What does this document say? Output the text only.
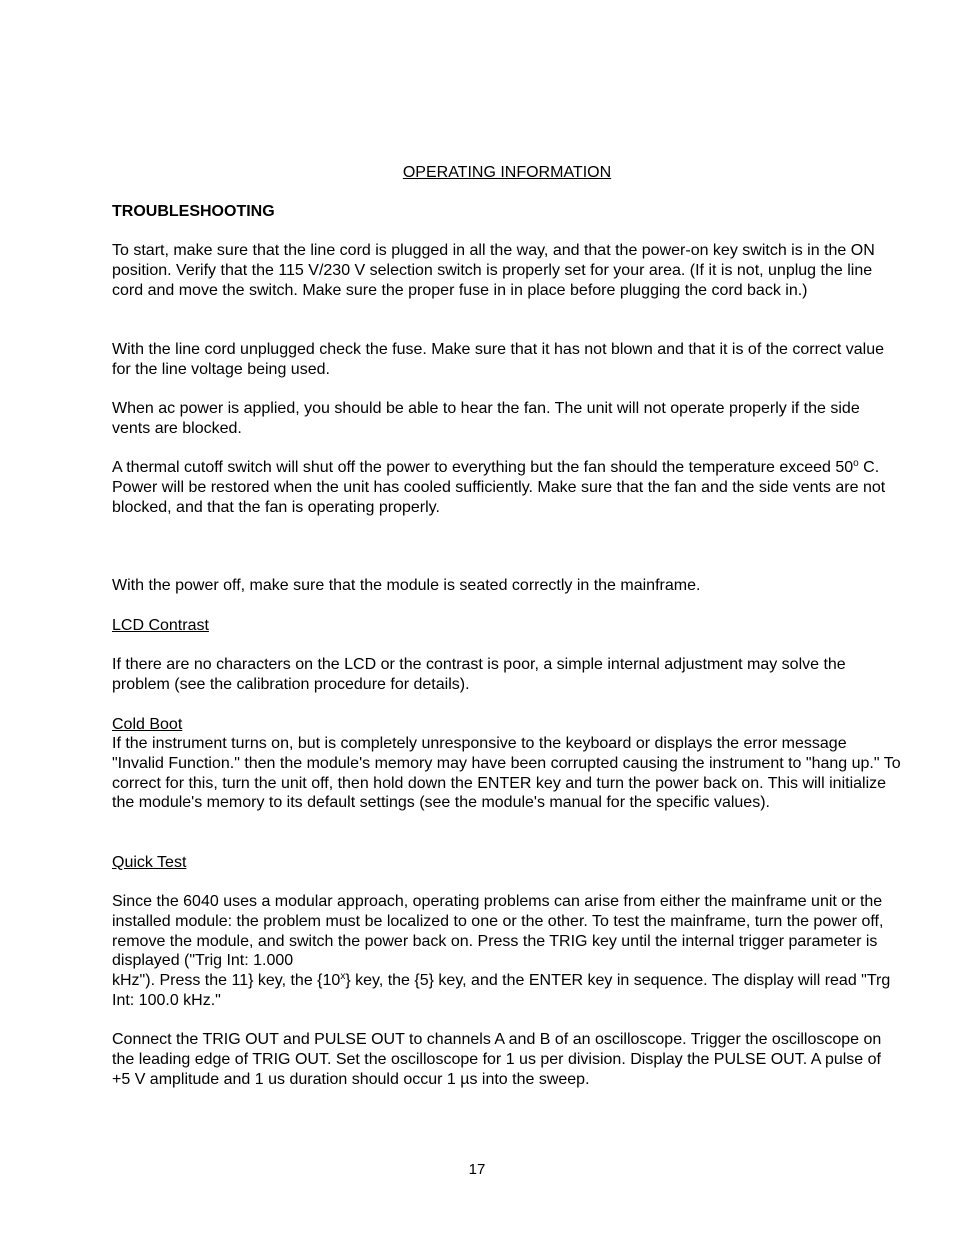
OPERATING INFORMATION

TROUBLESHOOTING

To start, make sure that the line cord is plugged in all the way, and that the power-on key switch is in the ON position. Verify that the 115 V/230 V selection switch is properly set for your area. (If it is not, unplug the line cord and move the switch. Make sure the proper fuse in in place before plugging the cord back in.)

With the line cord unplugged check the fuse. Make sure that it has not blown and that it is of the correct value for the line voltage being used.

When ac power is applied, you should be able to hear the fan. The unit will not operate properly if the side vents are blocked.

A thermal cutoff switch will shut off the power to everything but the fan should the temperature exceed 50$^o$ C. Power will be restored when the unit has cooled sufficiently. Make sure that the fan and the side vents are not blocked, and that the fan is operating properly.

With the power off, make sure that the module is seated correctly in the mainframe.

LCD Contrast

If there are no characters on the LCD or the contrast is poor, a simple internal adjustment may solve the problem (see the calibration procedure for details).

Cold Boot

If the instrument turns on, but is completely unresponsive to the keyboard or displays the error message "Invalid Function." then the module's memory may have been corrupted causing the instrument to "hang up." To correct for this, turn the unit off, then hold down the ENTER key and turn the power back on. This will initialize the module's memory to its default settings (see the module's manual for the specific values).

Quick Test

Since the 6040 uses a modular approach, operating problems can arise from either the mainframe unit or the installed module: the problem must be localized to one or the other. To test the mainframe, turn the power off, remove the module, and switch the power back on. Press the TRIG key until the internal trigger parameter is displayed ("Trig Int: 1.000

kHz"). Press the 11} key, the {10$^x$} key, the {5} key, and the ENTER key in sequence. The display will read "Trg Int: 100.0 kHz."

Connect the TRIG OUT and PULSE OUT to channels A and B of an oscilloscope. Trigger the oscilloscope on the leading edge of TRIG OUT. Set the oscilloscope for 1 us per division. Display the PULSE OUT. A pulse of +5 V amplitude and 1 us duration should occur 1 µs into the sweep.

17
